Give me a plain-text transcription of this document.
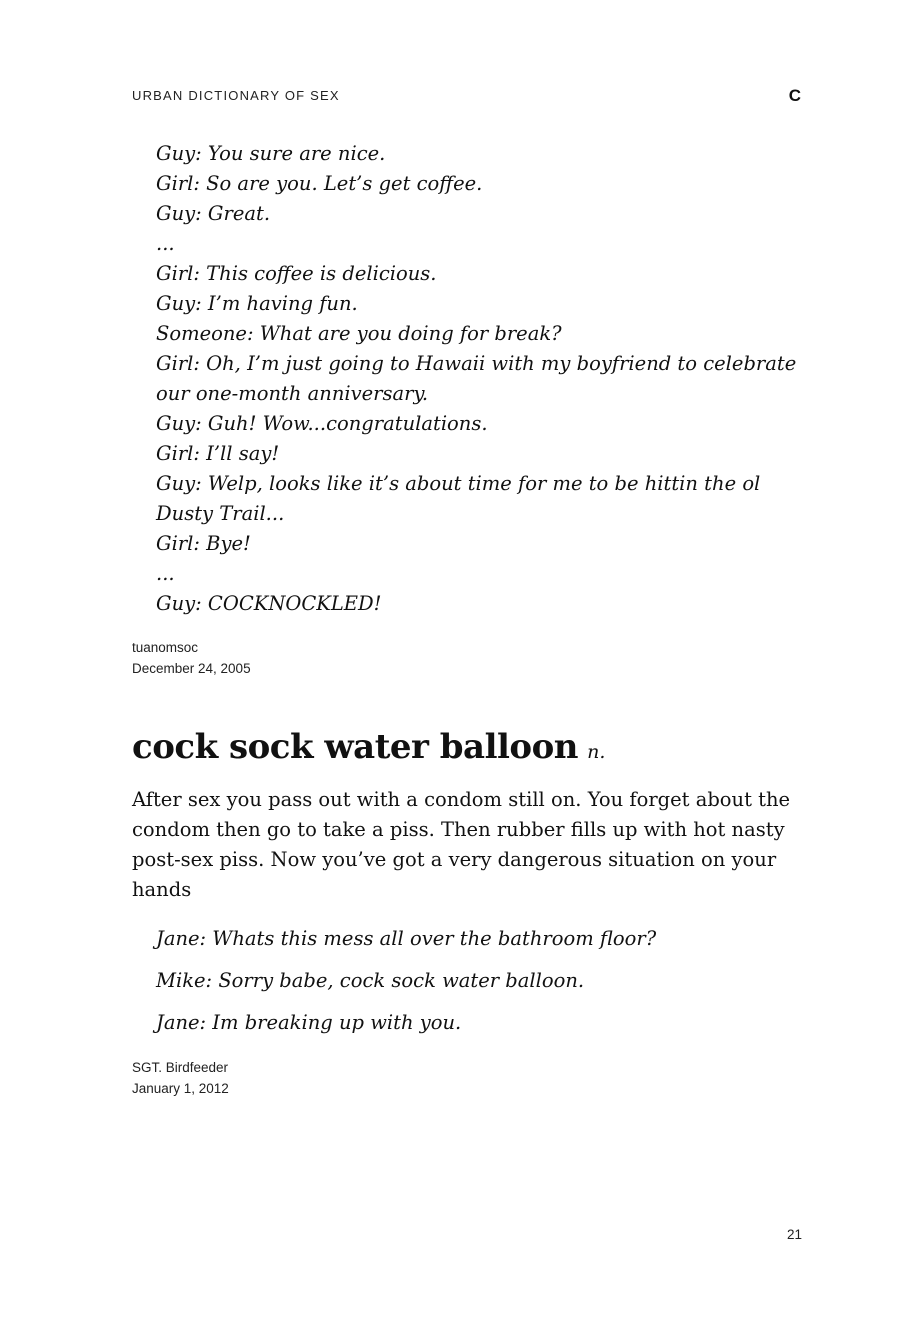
URBAN DICTIONARY OF SEX	C
Guy: You sure are nice.
Girl: So are you. Let’s get coffee.
Guy: Great.
...
Girl: This coffee is delicious.
Guy: I’m having fun.
Someone: What are you doing for break?
Girl: Oh, I’m just going to Hawaii with my boyfriend to celebrate our one-month anniversary.
Guy: Guh! Wow...congratulations.
Girl: I’ll say!
Guy: Welp, looks like it’s about time for me to be hittin the ol Dusty Trail...
Girl: Bye!
...
Guy: COCKNOCKLED!
tuanomsoc
December 24, 2005
cock sock water balloon n.
After sex you pass out with a condom still on. You forget about the condom then go to take a piss. Then rubber fills up with hot nasty post-sex piss. Now you’ve got a very dangerous situation on your hands
Jane: Whats this mess all over the bathroom floor?
Mike: Sorry babe, cock sock water balloon.
Jane: Im breaking up with you.
SGT. Birdfeeder
January 1, 2012
21
